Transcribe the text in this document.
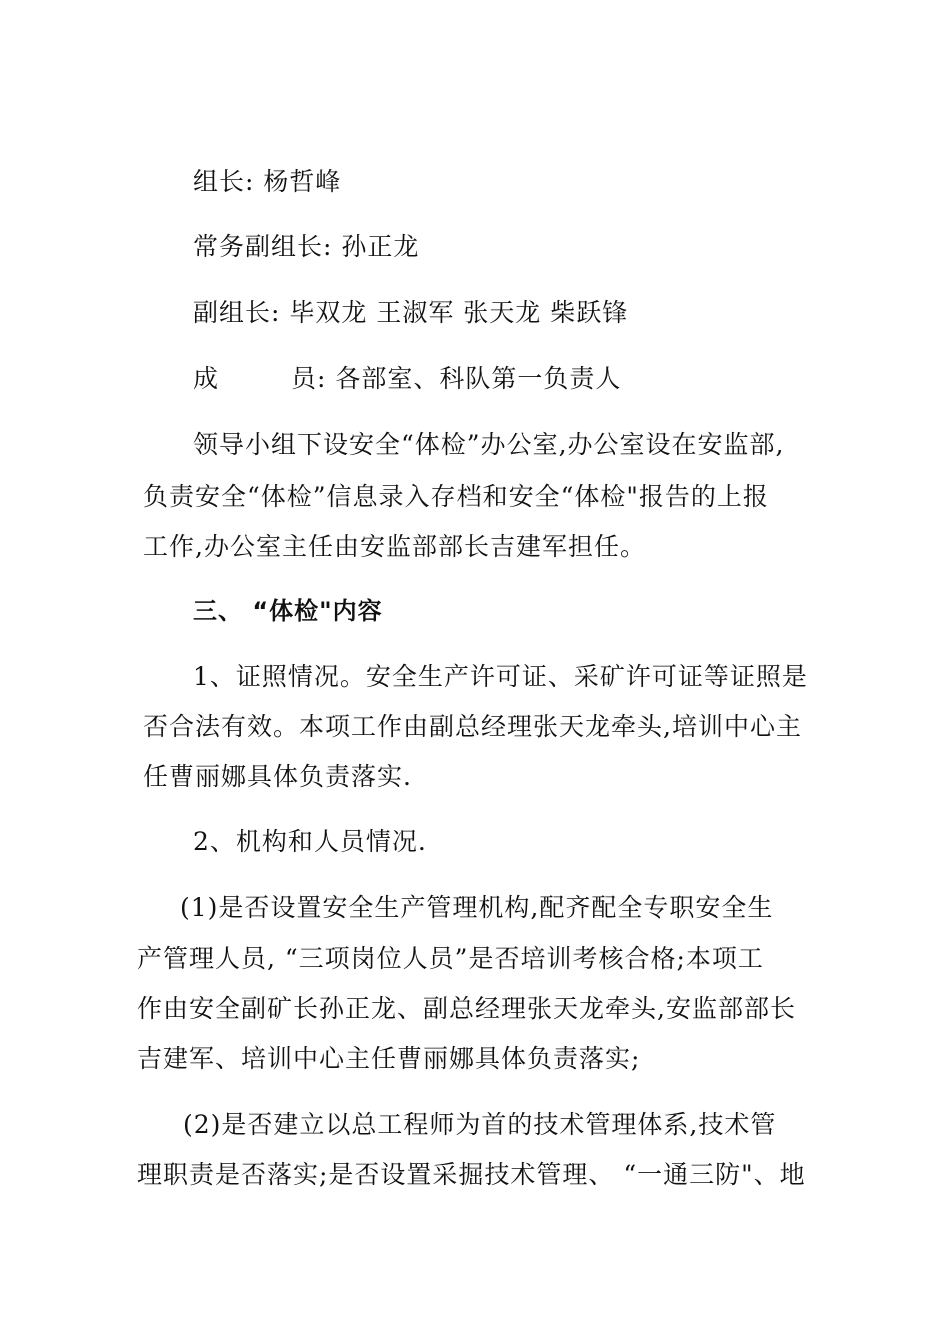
组长: 杨哲峰
常务副组长: 孙正龙
副组长: 毕双龙 王淑军 张天龙 柴跃锋
成	员: 各部室、科队第一负责人
领导小组下设安全“体检”办公室,办公室设在安监部,
负责安全“体检”信息录入存档和安全“体检"报告的上报
工作,办公室主任由安监部部长吉建军担任。
三、 “体检"内容
1、证照情况。安全生产许可证、采矿许可证等证照是
否合法有效。本项工作由副总经理张天龙牵头,培训中心主
任曹丽娜具体负责落实.
2、机构和人员情况.
(1)是否设置安全生产管理机构,配齐配全专职安全生
产管理人员, “三项岗位人员”是否培训考核合格;本项工
作由安全副矿长孙正龙、副总经理张天龙牵头,安监部部长
吉建军、培训中心主任曹丽娜具体负责落实;
(2)是否建立以总工程师为首的技术管理体系,技术管
理职责是否落实;是否设置采掘技术管理、 “一通三防"、地
